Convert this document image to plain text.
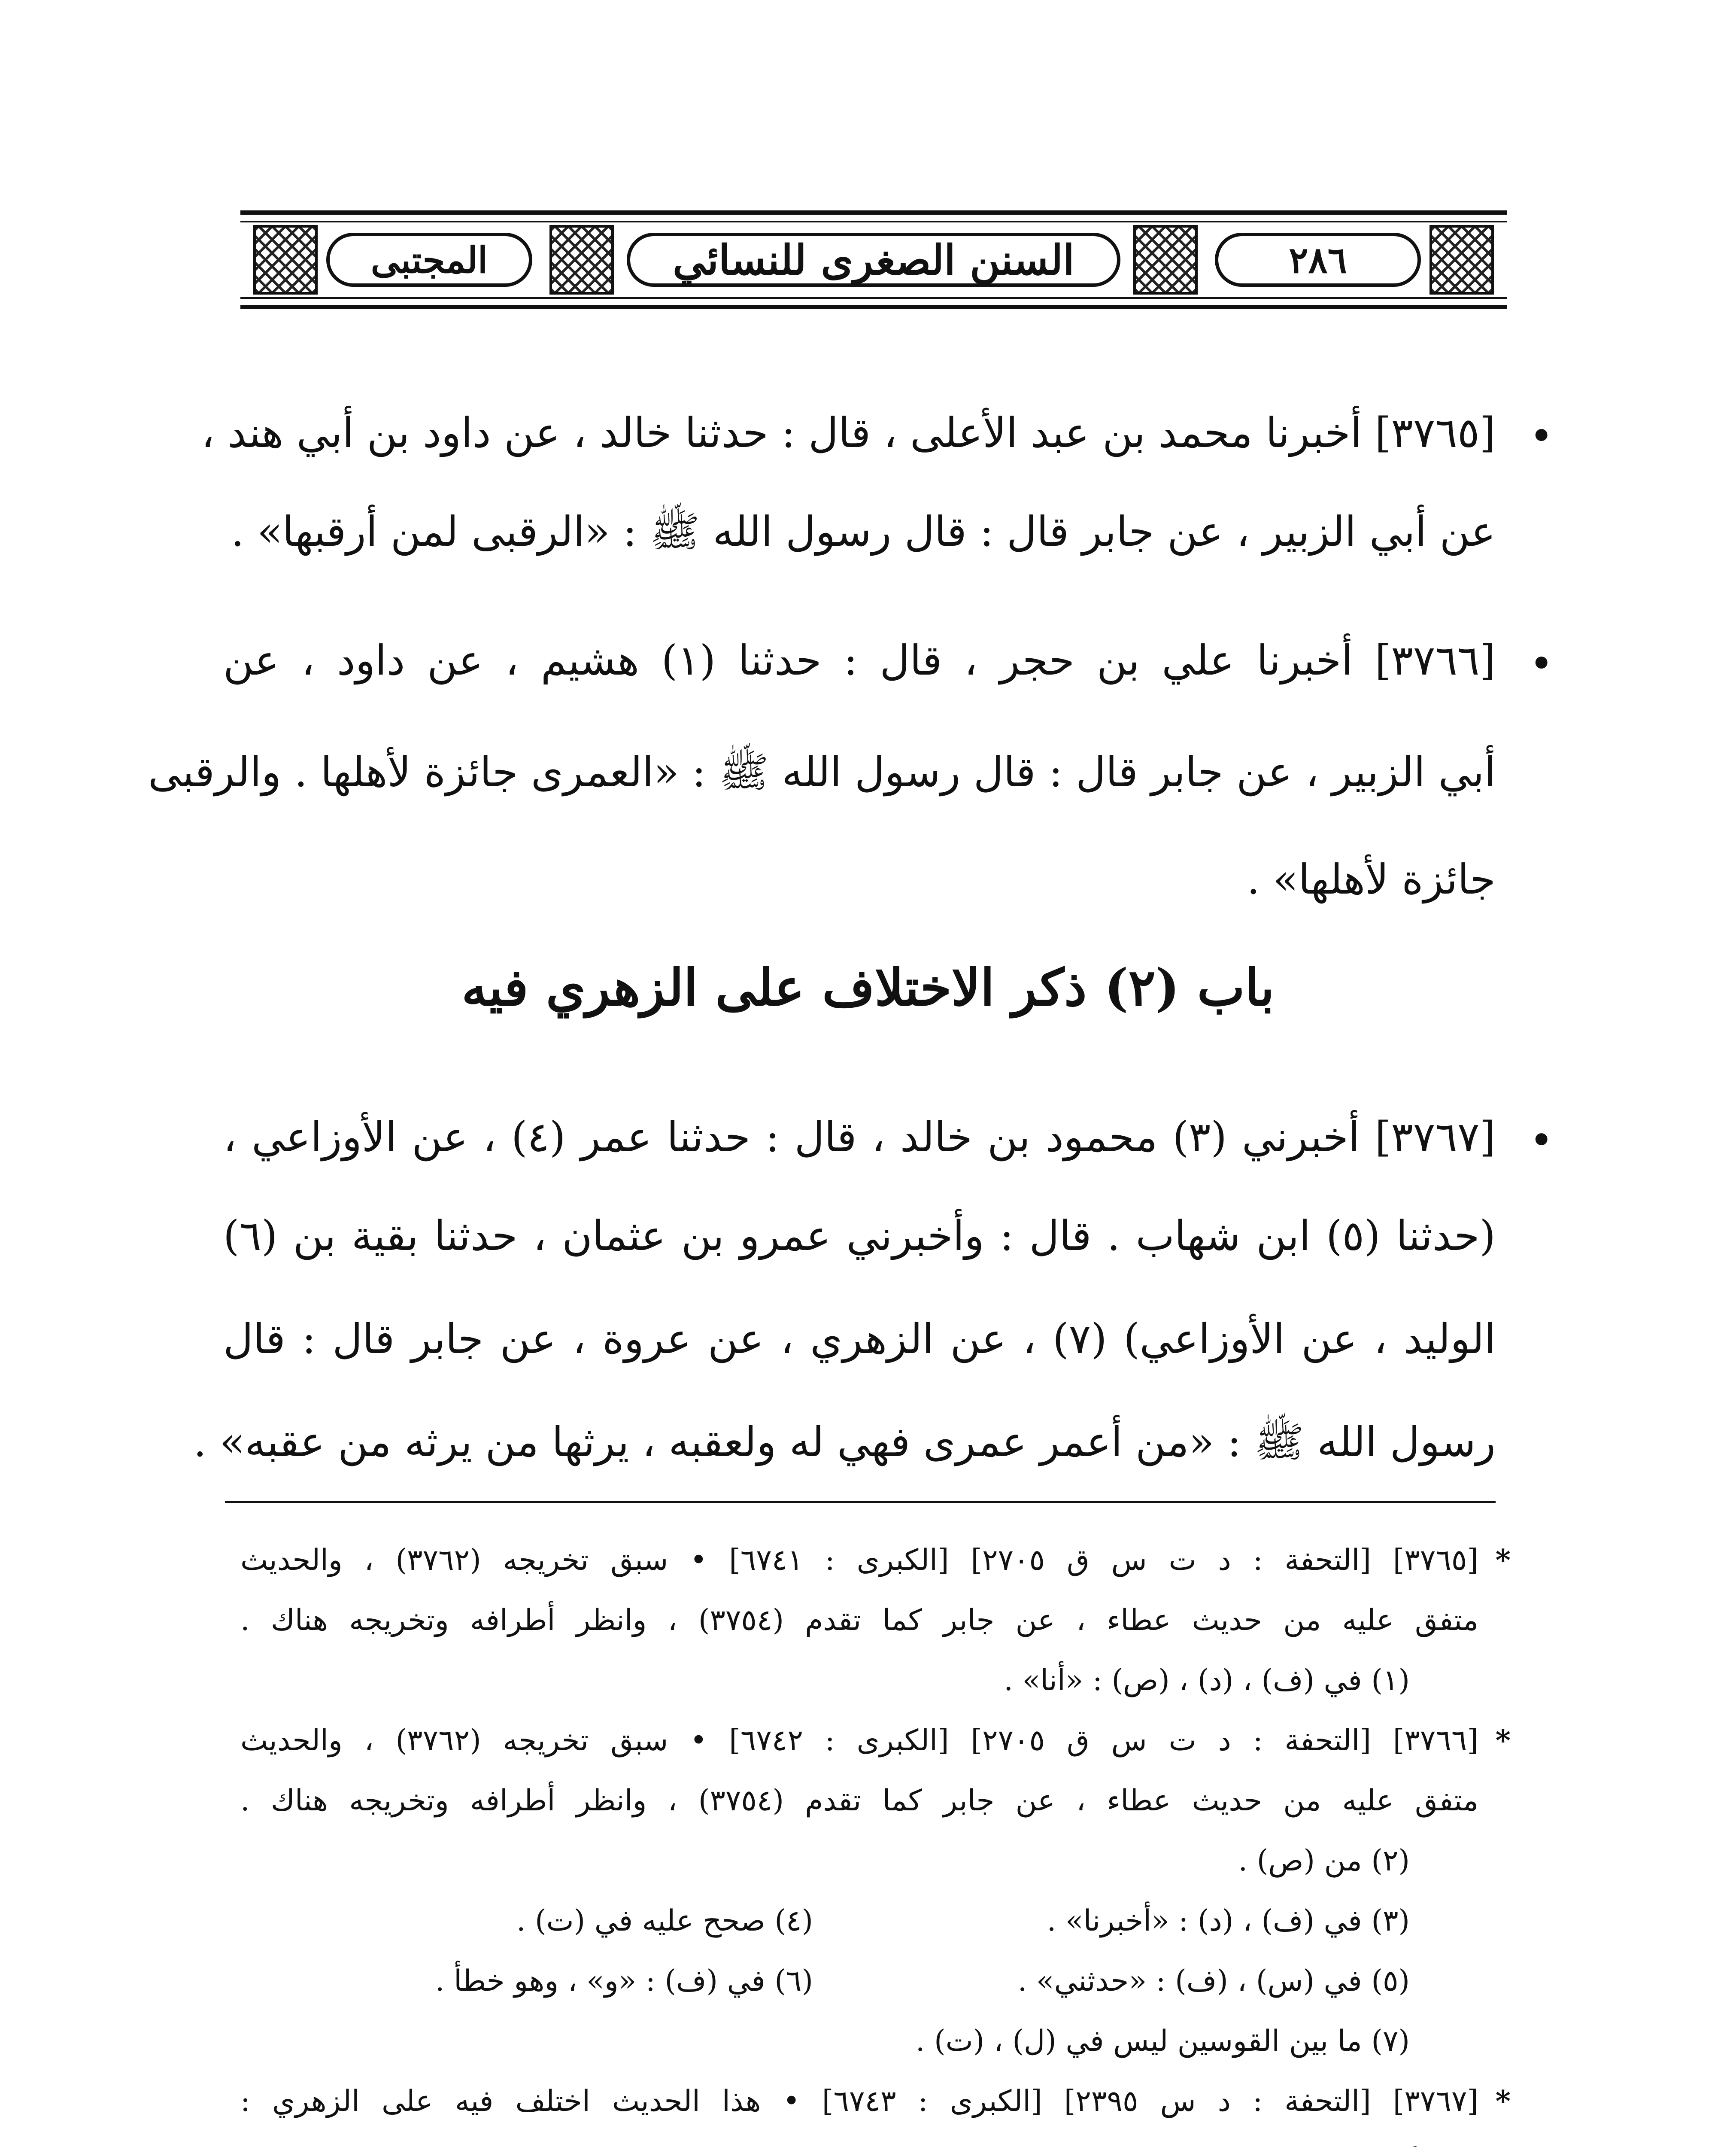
٢٨٦
السنن الصغرى للنسائي
المجتبى
•
[٣٧٦٥] أخبرنا محمد بن عبد الأعلى ، قال : حدثنا خالد ، عن داود بن أبي هند ،
عن أبي الزبير ، عن جابر قال : قال رسول الله ﷺ : «الرقبى لمن أرقبها» .
•
[٣٧٦٦] أخبرنا علي بن حجر ، قال : حدثنا (١) هشيم ، عن داود ، عن
أبي الزبير ، عن جابر قال : قال رسول الله ﷺ : «العمرى جائزة لأهلها . والرقبى
جائزة لأهلها» .
باب (٢) ذكر الاختلاف على الزهري فيه
•
[٣٧٦٧] أخبرني (٣) محمود بن خالد ، قال : حدثنا عمر (٤) ، عن الأوزاعي ،
(حدثنا (٥) ابن شهاب . قال : وأخبرني عمرو بن عثمان ، حدثنا بقية بن (٦)
الوليد ، عن الأوزاعي) (٧) ، عن الزهري ، عن عروة ، عن جابر قال : قال
رسول الله ﷺ : «من أعمر عمرى فهي له ولعقبه ، يرثها من يرثه من عقبه» .
* [٣٧٦٥] [التحفة : د ت س ق ٢٧٠٥] [الكبرى : ٦٧٤١] • سبق تخريجه (٣٧٦٢) ، والحديث
متفق عليه من حديث عطاء ، عن جابر كما تقدم (٣٧٥٤) ، وانظر أطرافه وتخريجه هناك .
(١) في (ف) ، (د) ، (ص) : «أنا» .
* [٣٧٦٦] [التحفة : د ت س ق ٢٧٠٥] [الكبرى : ٦٧٤٢] • سبق تخريجه (٣٧٦٢) ، والحديث
متفق عليه من حديث عطاء ، عن جابر كما تقدم (٣٧٥٤) ، وانظر أطرافه وتخريجه هناك .
(٢) من (ص) .
(٣) في (ف) ، (د) : «أخبرنا» .
(٤) صحح عليه في (ت) .
(٥) في (س) ، (ف) : «حدثني» .
(٦) في (ف) : «و» ، وهو خطأ .
(٧) ما بين القوسين ليس في (ل) ، (ت) .
* [٣٧٦٧] [التحفة : د س ٢٣٩٥] [الكبرى : ٦٧٤٣] • هذا الحديث اختلف فيه على الزهري :
